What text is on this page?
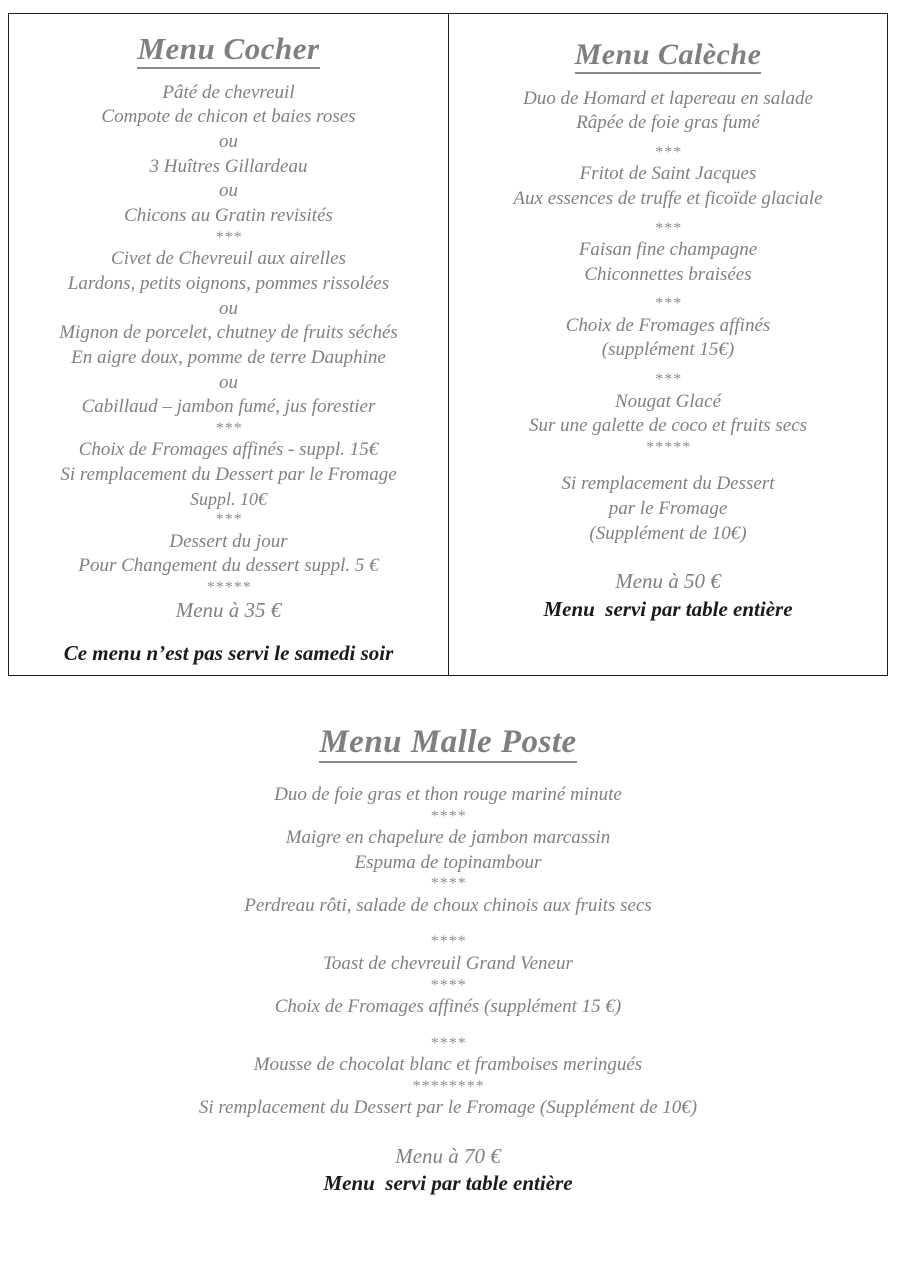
Menu Cocher

Pâté de chevreuil

Compote de chicon et baies roses

ou

3 Huîtres Gillardeau

ou

Chicons au Gratin revisités

***

Civet de Chevreuil aux airelles

Lardons, petits oignons, pommes rissolées

ou

Mignon de porcelet, chutney de fruits séchés

En aigre doux, pomme de terre Dauphine

ou

Cabillaud – jambon fumé, jus forestier

***

Choix de Fromages affinés - suppl. 15€

Si remplacement du Dessert par le Fromage

Suppl. 10€

***

Dessert du jour

Pour Changement du dessert suppl. 5 €

*****

Menu à 35 €

Ce menu n’est pas servi le samedi soir

Menu Calèche

Duo de Homard et lapereau en salade

Râpée de foie gras fumé

***

Fritot de Saint Jacques

Aux essences de truffe et ficoïde glaciale

***

Faisan fine champagne

Chiconnettes braisées

***

Choix de Fromages affinés

(supplément 15€)

***

Nougat Glacé

Sur une galette de coco et fruits secs

*****

Si remplacement du Dessert

par le Fromage

(Supplément de 10€)

Menu à 50 €

Menu  servi par table entière

Menu Malle Poste

Duo de foie gras et thon rouge mariné minute

****

Maigre en chapelure de jambon marcassin

Espuma de topinambour

****

Perdreau rôti, salade de choux chinois aux fruits secs

****

Toast de chevreuil Grand Veneur

****

Choix de Fromages affinés (supplément 15 €)

****

Mousse de chocolat blanc et framboises meringués

********

Si remplacement du Dessert par le Fromage (Supplément de 10€)

Menu à 70 €

Menu  servi par table entière
